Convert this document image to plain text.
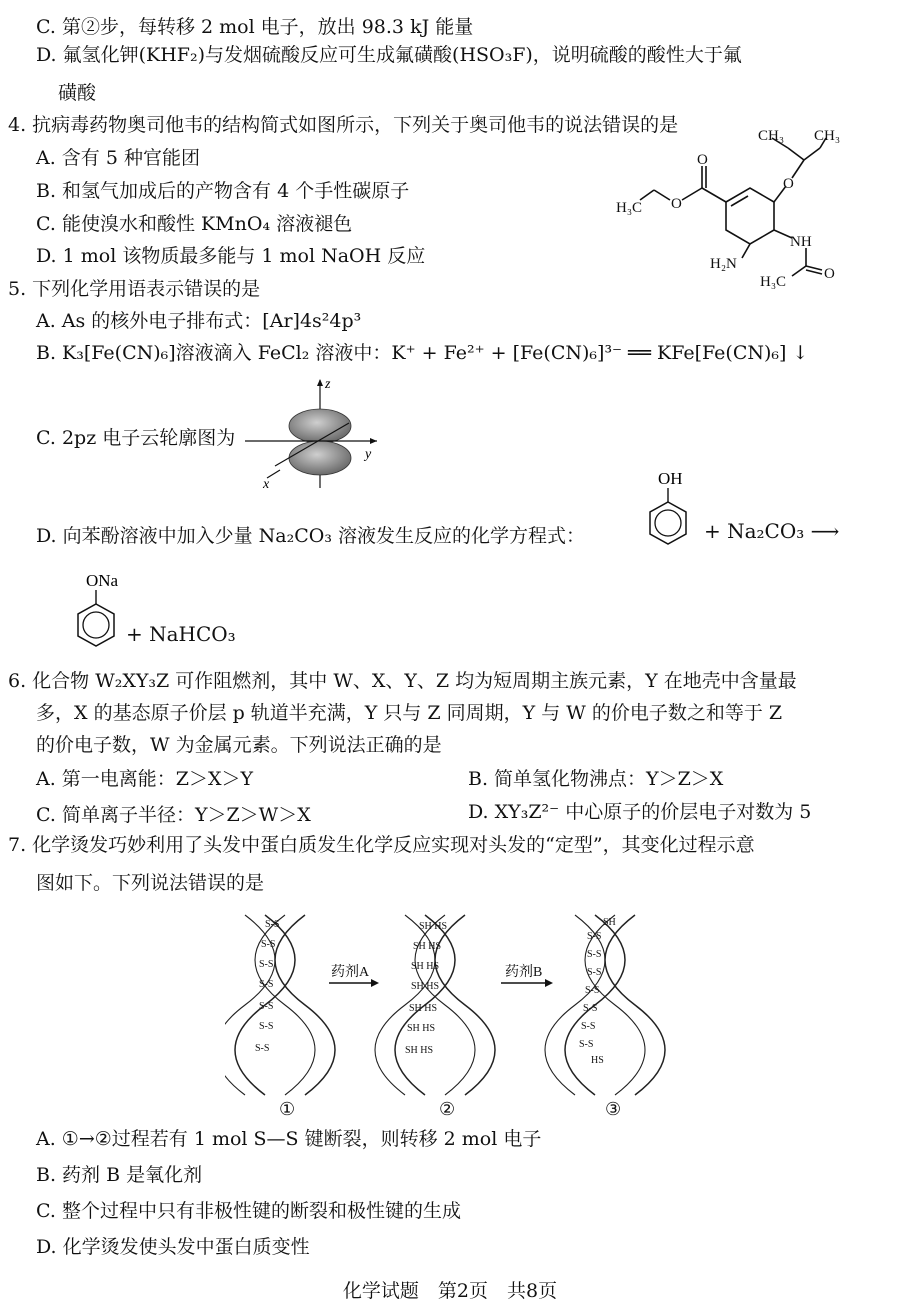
C. 第②步，每转移 2 mol 电子，放出 98.3 kJ 能量
D. 氟氢化钾(KHF₂)与发烟硫酸反应可生成氟磺酸(HSO₃F)，说明硫酸的酸性大于氟
磺酸
4. 抗病毒药物奥司他韦的结构简式如图所示，下列关于奥司他韦的说法错误的是
A. 含有 5 种官能团
B. 和氢气加成后的产物含有 4 个手性碳原子
C. 能使溴水和酸性 KMnO₄ 溶液褪色
D. 1 mol 该物质最多能与 1 mol NaOH 反应
CH₃ CH₃
O
H₃C O
O
NH
H₂N
O
H₃C
5. 下列化学用语表示错误的是
A. As 的核外电子排布式：[Ar]4s²4p³
B. K₃[Fe(CN)₆]溶液滴入 FeCl₂ 溶液中：K⁺ + Fe²⁺ + [Fe(CN)₆]³⁻ ══ KFe[Fe(CN)₆] ↓
C. 2pz 电子云轮廓图为
z
y
x
D. 向苯酚溶液中加入少量 Na₂CO₃ 溶液发生反应的化学方程式：
OH
+ Na₂CO₃ ⟶
ONa
+ NaHCO₃
6. 化合物 W₂XY₃Z 可作阻燃剂，其中 W、X、Y、Z 均为短周期主族元素，Y 在地壳中含量最
多，X 的基态原子价层 p 轨道半充满，Y 只与 Z 同周期，Y 与 W 的价电子数之和等于 Z
的价电子数，W 为金属元素。下列说法正确的是
A. 第一电离能：Z＞X＞Y	B. 简单氢化物沸点：Y＞Z＞X
C. 简单离子半径：Y＞Z＞W＞X	D. XY₃Z²⁻ 中心原子的价层电子对数为 5
7. 化学烫发巧妙利用了头发中蛋白质发生化学反应实现对头发的“定型”，其变化过程示意
图如下。下列说法错误的是
药剂A	药剂B
S-S
S-S
S-S
S-S
S-S
S-S
S-S
SH HS
SH HS
SH HS
SH HS
SH HS
SH HS
SH HS
SH
S-S
S-S
S-S
S-S
S-S
S-S
S-S
HS
①	②	③
A. ①→②过程若有 1 mol S—S 键断裂，则转移 2 mol 电子
B. 药剂 B 是氧化剂
C. 整个过程中只有非极性键的断裂和极性键的生成
D. 化学烫发使头发中蛋白质变性
化学试题　第2页　共8页
